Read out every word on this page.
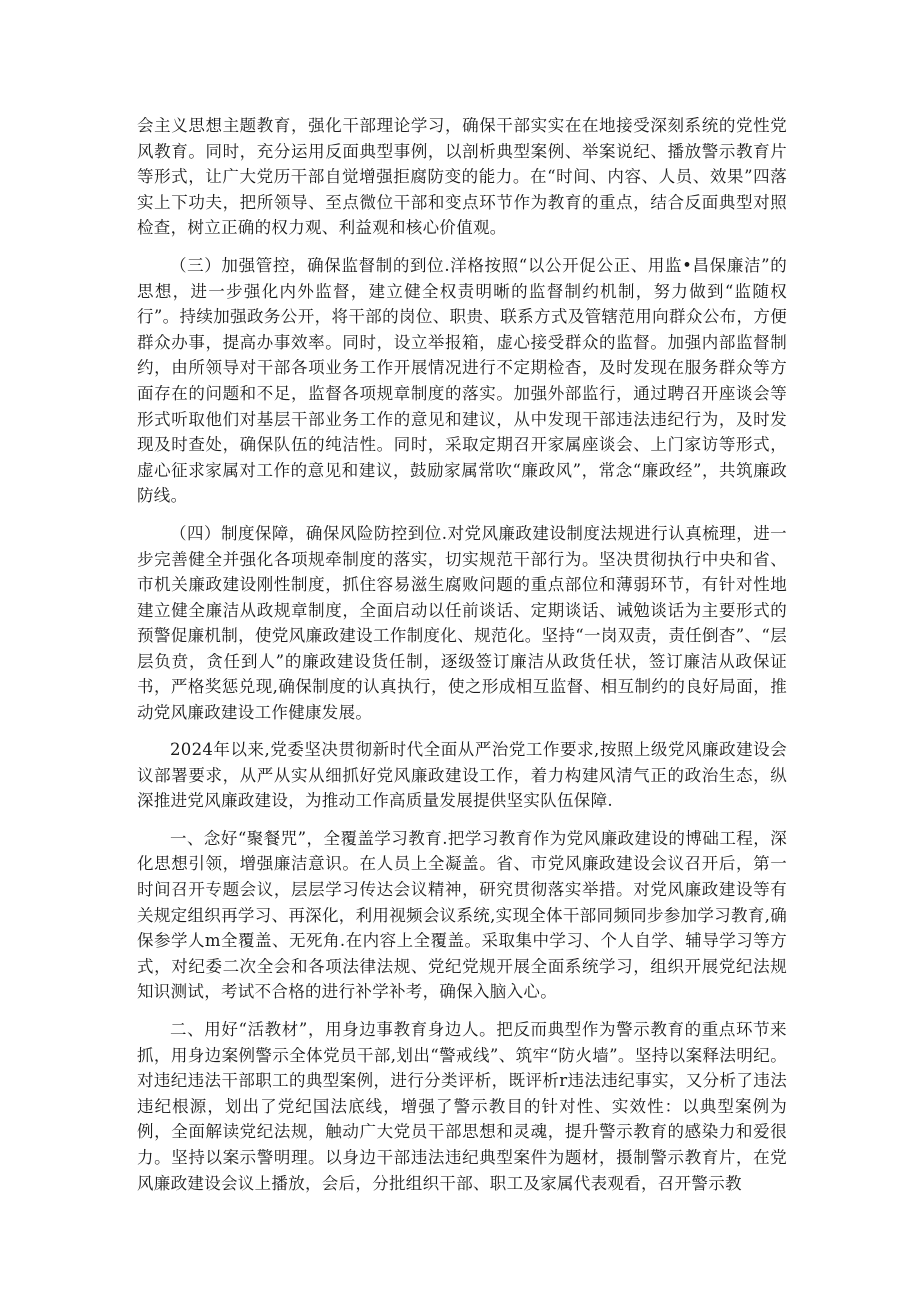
会主义思想主题教育，强化干部理论学习，确保干部实实在在地接受深刻系统的党性党风教育。同时，充分运用反面典型事例，以剖析典型案例、举案说纪、播放警示教育片等形式，让广大党历干部自觉增强拒腐防变的能力。在“时间、内容、人员、效果”四落实上下功夫，把所领导、至点微位干部和变点环节作为教育的重点，结合反面典型对照检查，树立正确的权力观、利益观和核心价值观。

（三）加强管控，确保监督制的到位.洋格按照“以公开促公正、用监•昌保廉洁”的思想，进一步强化内外监督，建立健全权责明晰的监督制约机制，努力做到“监随权行”。持续加强政务公开，将干部的岗位、职贵、联系方式及管辖范用向群众公布，方便群众办事，提高办事效率。同时，设立举报箱，虚心接受群众的监督。加强内部监督制约，由所领导对干部各项业务工作开展情况进行不定期检杳，及时发现在服务群众等方面存在的问题和不足，监督各项规章制度的落实。加强外部监行，通过聘召开座谈会等形式听取他们对基层干部业务工作的意见和建议，从中发现干部违法违纪行为，及时发现及时查处，确保队伍的纯洁性。同时，采取定期召开家属座谈会、上门家访等形式，虚心征求家属对工作的意见和建议，鼓励家属常吹“廉政风”，常念“廉政经”，共筑廉政防线。

（四）制度保障，确保风险防控到位.对党风廉政建设制度法规进行认真梳理，进一步完善健全并强化各项规牵制度的落实，切实规范干部行为。坚决贯彻执行中央和省、市机关廉政建设刚性制度，抓住容易滋生腐败问题的重点部位和薄弱环节，有针对性地建立健全廉洁从政规章制度，全面启动以任前谈话、定期谈话、诫勉谈话为主要形式的预警促廉机制，使党风廉政建设工作制度化、规范化。坚持“一岗双责，责任倒杳”、“层层负贲，贪任到人”的廉政建设货任制，逐级签订廉洁从政货任状，签订廉洁从政保证书，严格奖惩兑现,确保制度的认真执行，使之形成相互监督、相互制约的良好局面，推动党风廉政建设工作健康发展。

2024年以来,党委坚决贯彻新时代全面从严治党工作要求,按照上级党风廉政建设会议部署要求，从严从实从细抓好党风廉政建设工作，着力构建风清气正的政治生态，纵深推进党风廉政建设，为推动工作高质量发展提供坚实队伍保障.

一、念好“聚餐咒”，全覆盖学习教育.把学习教育作为党风廉政建设的博础工程，深化思想引领，增强廉洁意识。在人员上全凝盖。省、市党风廉政建设会议召开后，第一时间召开专题会议，层层学习传达会议精神，研究贯彻落实举措。对党风廉政建设等有关规定组织再学习、再深化，利用视频会议系统,实现全体干部同频同步参加学习教育,确保参学人m全覆盖、无死角.在内容上全覆盖。采取集中学习、个人自学、辅导学习等方式，对纪委二次全会和各项法律法规、党纪党规开展全面系统学习，组织开展党纪法规知识测试，考试不合格的进行补学补考，确保入脑入心。

二、用好“活教材”，用身边事教育身边人。把反而典型作为警示教育的重点环节来抓，用身边案例警示全体党员干部,划出“警戒线”、筑牢“防火墙”。坚持以案释法明纪。对违纪违法干部职工的典型案例，进行分类评析，既评析r违法违纪事实，又分析了违法违纪根源，划出了党纪国法底线，增强了警示教目的针对性、实效性：以典型案例为例，全面解读党纪法规，触动广大党员干部思想和灵魂，提升警示教育的感染力和爱很力。坚持以案示警明理。以身边干部违法违纪典型案件为题材，摄制警示教育片，在党风廉政建设会议上播放，会后，分批组织干部、职工及家属代表观看，召开警示教
